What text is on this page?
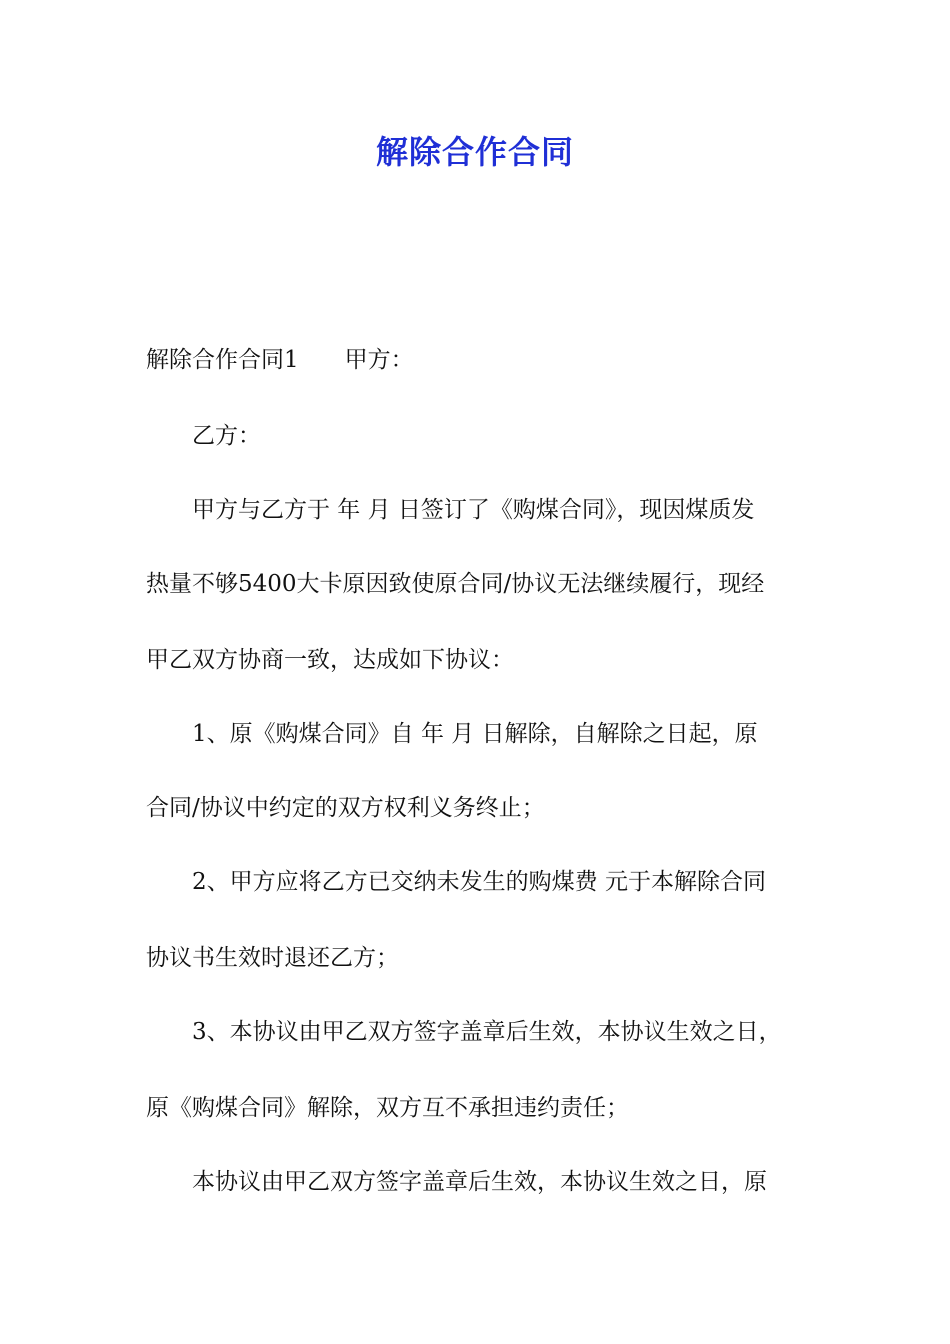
解除合作合同
解除合作合同1 甲方：
乙方：
甲方与乙方于 年 月 日签订了《购煤合同》，现因煤质发
热量不够5400大卡原因致使原合同/协议无法继续履行，现经
甲乙双方协商一致，达成如下协议：
1、原《购煤合同》自 年 月 日解除，自解除之日起，原
合同/协议中约定的双方权利义务终止；
2、甲方应将乙方已交纳未发生的购煤费 元于本解除合同
协议书生效时退还乙方；
3、本协议由甲乙双方签字盖章后生效，本协议生效之日，
原《购煤合同》解除，双方互不承担违约责任；
本协议由甲乙双方签字盖章后生效，本协议生效之日，原
